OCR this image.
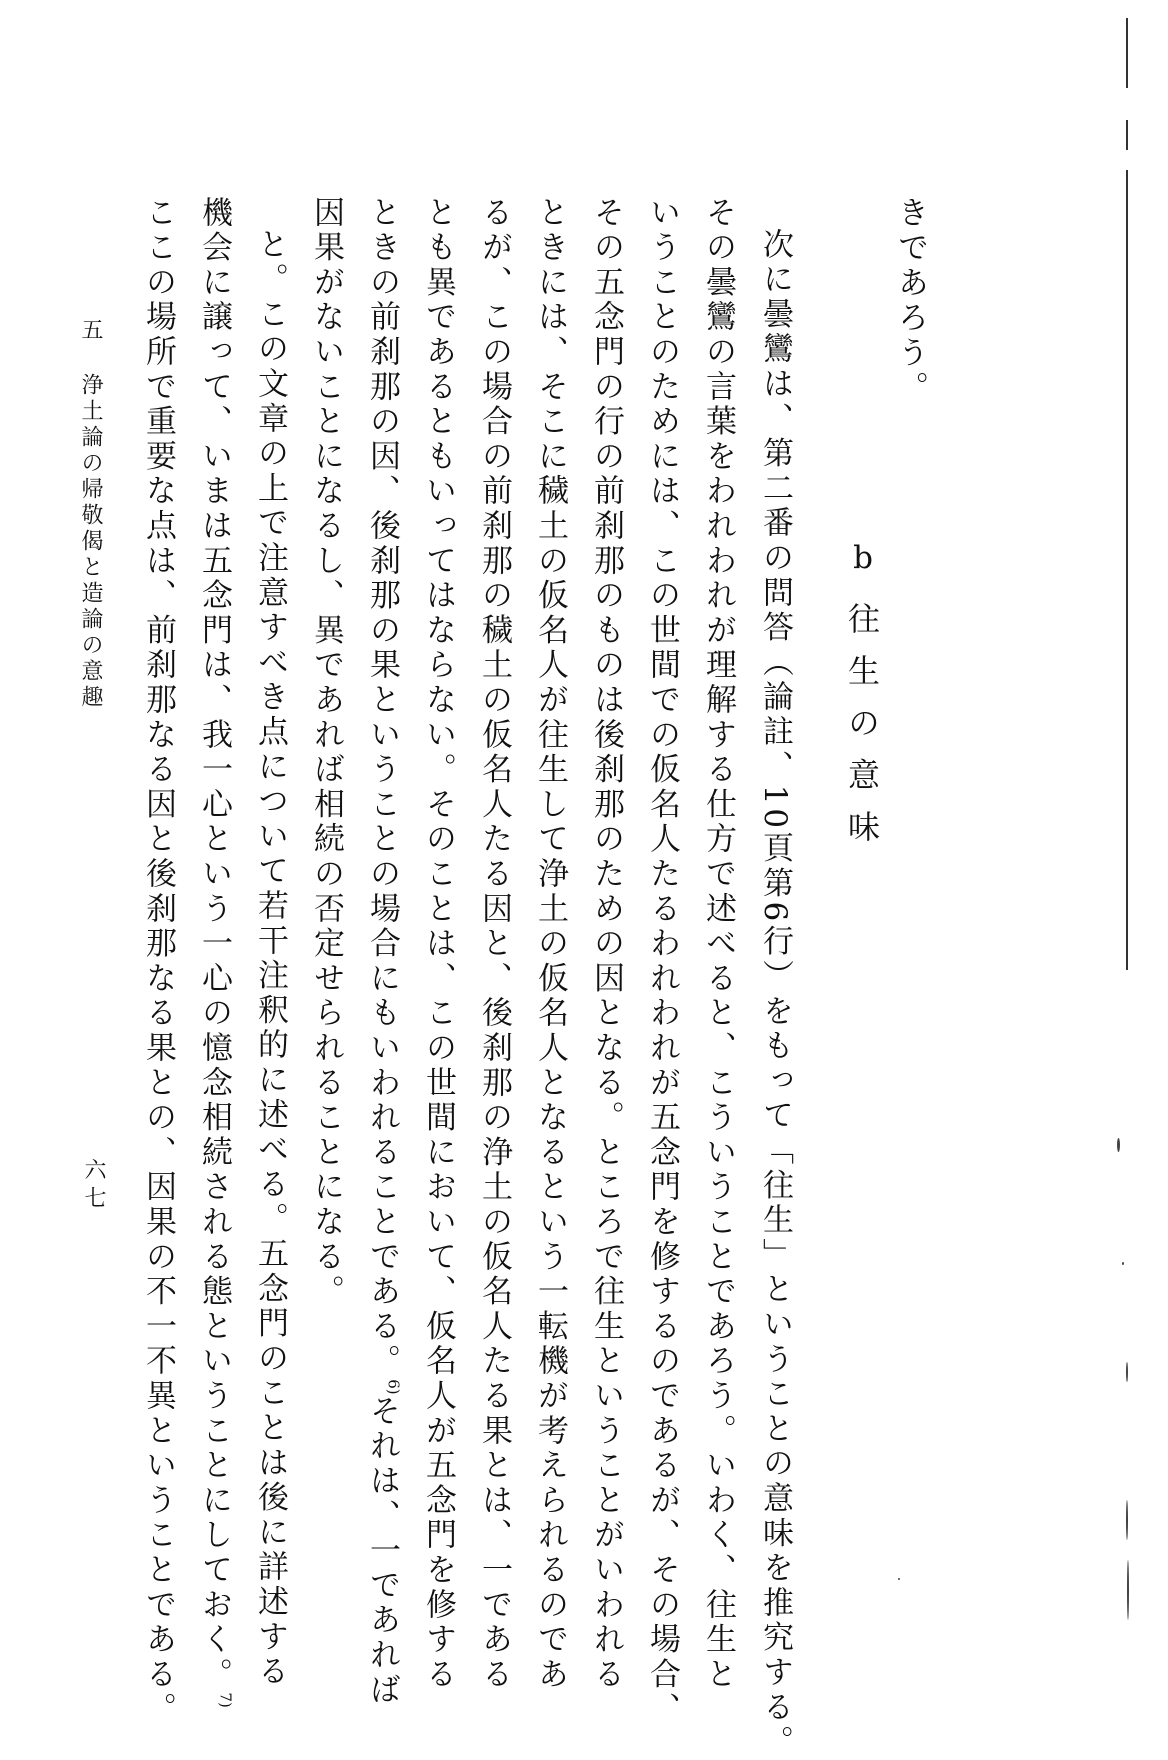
きであろう。
b
往生の意味
次に曇鸞は、第二番の問答（論註、10頁第6行）をもって「往生」ということの意味を推究する。
その曇鸞の言葉をわれわれが理解する仕方で述べると、こういうことであろう。いわく、往生と
いうことのためには、この世間での仮名人たるわれわれが五念門を修するのであるが、その場合、
その五念門の行の前刹那のものは後刹那のための因となる。ところで往生ということがいわれる
ときには、そこに穢土の仮名人が往生して浄土の仮名人となるという一転機が考えられるのであ
るが、この場合の前刹那の穢土の仮名人たる因と、後刹那の浄土の仮名人たる果とは、一である
とも異であるともいってはならない。そのことは、この世間において、仮名人が五念門を修する
ときの前刹那の因、後刹那の果ということの場合にもいわれることである。$^{6)}$それは、一であれば
因果がないことになるし、異であれば相続の否定せられることになる。
と。この文章の上で注意すべき点について若干注釈的に述べる。五念門のことは後に詳述する
機会に譲って、いまは五念門は、我一心という一心の憶念相続される態ということにしておく。$^{7)}$
ここの場所で重要な点は、前刹那なる因と後刹那なる果との、因果の不一不異ということである。
五 浄土論の帰敬偈と造論の意趣
六七
